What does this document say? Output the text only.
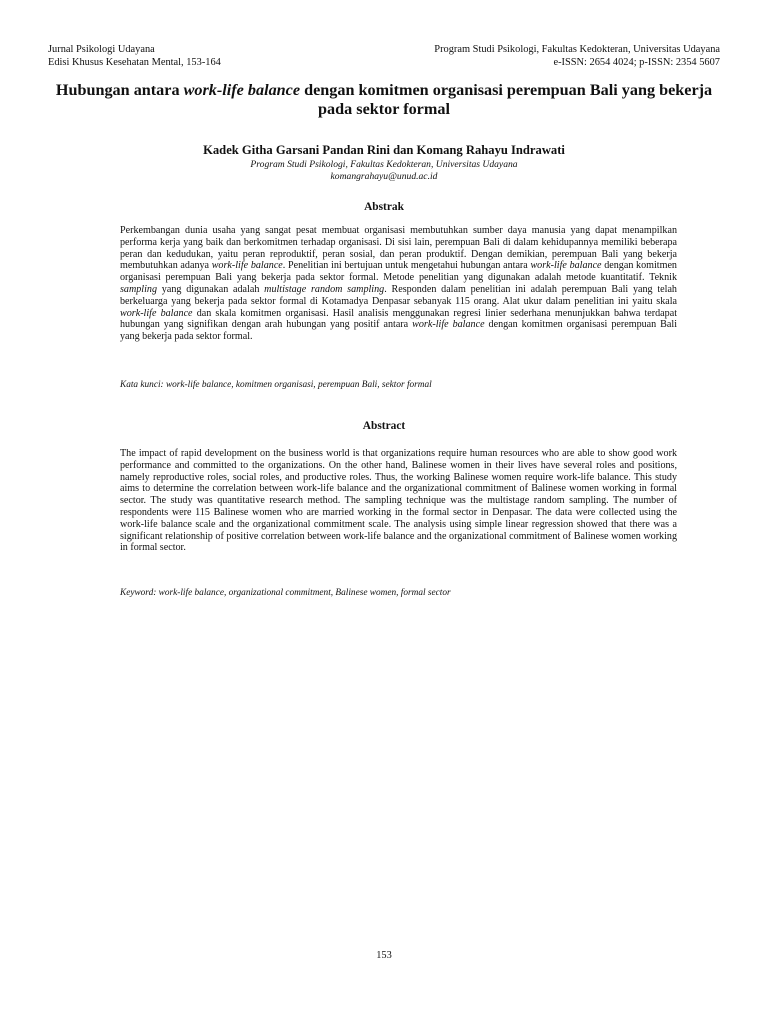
Jurnal Psikologi Udayana
Edisi Khusus Kesehatan Mental, 153-164
Program Studi Psikologi, Fakultas Kedokteran, Universitas Udayana
e-ISSN: 2654 4024; p-ISSN: 2354 5607
Hubungan antara work-life balance dengan komitmen organisasi perempuan Bali yang bekerja pada sektor formal
Kadek Githa Garsani Pandan Rini dan Komang Rahayu Indrawati
Program Studi Psikologi, Fakultas Kedokteran, Universitas Udayana
komangrahayu@unud.ac.id
Abstrak

Perkembangan dunia usaha yang sangat pesat membuat organisasi membutuhkan sumber daya manusia yang dapat menampilkan performa kerja yang baik dan berkomitmen terhadap organisasi. Di sisi lain, perempuan Bali di dalam kehidupannya memiliki beberapa peran dan kedudukan, yaitu peran reproduktif, peran sosial, dan peran produktif. Dengan demikian, perempuan Bali yang bekerja membutuhkan adanya work-life balance. Penelitian ini bertujuan untuk mengetahui hubungan antara work-life balance dengan komitmen organisasi perempuan Bali yang bekerja pada sektor formal. Metode penelitian yang digunakan adalah metode kuantitatif. Teknik sampling yang digunakan adalah multistage random sampling. Responden dalam penelitian ini adalah perempuan Bali yang telah berkeluarga yang bekerja pada sektor formal di Kotamadya Denpasar sebanyak 115 orang. Alat ukur dalam penelitian ini yaitu skala work-life balance dan skala komitmen organisasi. Hasil analisis menggunakan regresi linier sederhana menunjukkan bahwa terdapat hubungan yang signifikan dengan arah hubungan yang positif antara work-life balance dengan komitmen organisasi perempuan Bali yang bekerja pada sektor formal.

Kata kunci: work-life balance, komitmen organisasi, perempuan Bali, sektor formal

Abstract

The impact of rapid development on the business world is that organizations require human resources who are able to show good work performance and committed to the organizations. On the other hand, Balinese women in their lives have several roles and positions, namely reproductive roles, social roles, and productive roles. Thus, the working Balinese women require work-life balance. This study aims to determine the correlation between work-life balance and the organizational commitment of Balinese women working in formal sector. The study was quantitative research method. The sampling technique was the multistage random sampling. The number of respondents were 115 Balinese women who are married working in the formal sector in Denpasar. The data were collected using the work-life balance scale and the organizational commitment scale. The analysis using simple linear regression showed that there was a significant relationship of positive correlation between work-life balance and the organizational commitment of Balinese women working in formal sector.

Keyword: work-life balance, organizational commitment, Balinese women, formal sector

153
